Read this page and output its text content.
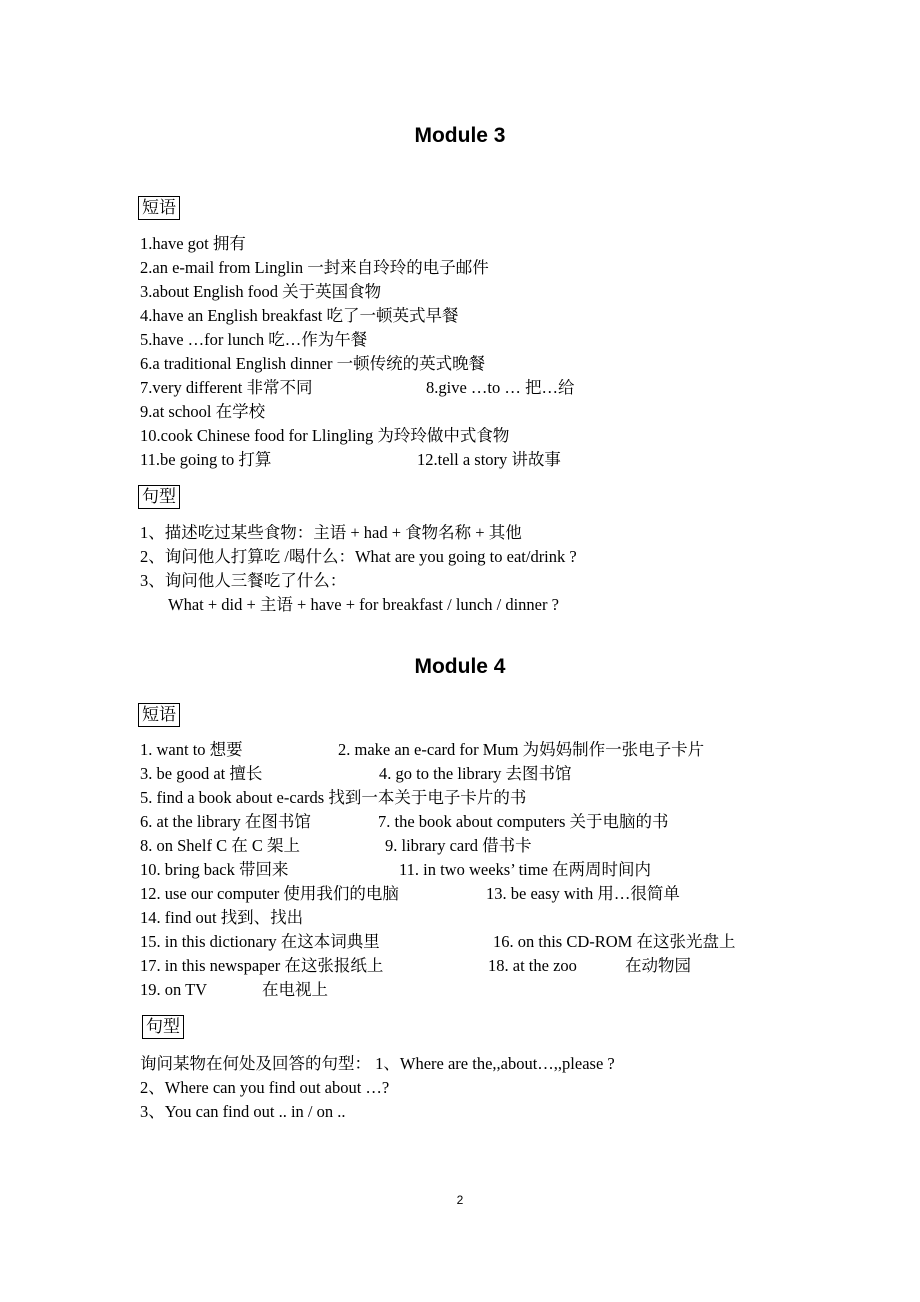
Module 3
短语
1.have got 拥有
2.an e-mail from Linglin 一封来自玲玲的电子邮件
3.about English food 关于英国食物
4.have an English breakfast 吃了一顿英式早餐
5.have …for lunch 吃…作为午餐
6.a traditional English dinner 一顿传统的英式晚餐
7.very different 非常不同	8.give …to … 把…给
9.at school 在学校
10.cook Chinese food for Llingling 为玲玲做中式食物
11.be going to 打算	12.tell a story 讲故事
句型
1、描述吃过某些食物：主语 + had + 食物名称 + 其他
2、询问他人打算吃 /喝什么：What are you going to eat/drink ?
3、询问他人三餐吃了什么：
What + did + 主语 + have + for breakfast / lunch / dinner ?
Module 4
短语
1. want to 想要	2. make an e-card for Mum 为妈妈制作一张电子卡片
3. be good at 擅长	4. go to the library 去图书馆
5. find a book about e-cards 找到一本关于电子卡片的书
6. at the library 在图书馆	7. the book about computers 关于电脑的书
8. on Shelf C 在 C 架上	9. library card 借书卡
10. bring back 带回来	11. in two weeks’ time 在两周时间内
12. use our computer 使用我们的电脑	13. be easy with 用…很简单
14. find out 找到、找出
15. in this dictionary 在这本词典里	16. on this CD-ROM 在这张光盘上
17. in this newspaper 在这张报纸上	18. at the zoo	在动物园
19. on TV	在电视上
句型
询问某物在何处及回答的句型： 1、Where are the,,about…,,please ?
2、Where can you find out about …?
3、You can find out .. in / on ..
2
